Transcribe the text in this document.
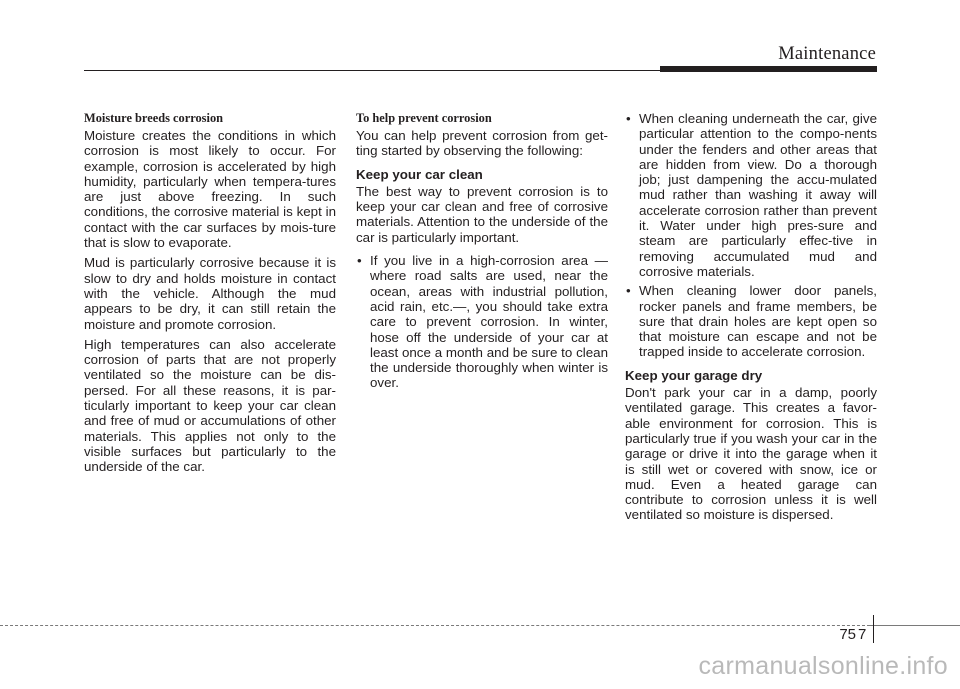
Maintenance
Moisture breeds corrosion

Moisture creates the conditions in which corrosion is most likely to occur. For example, corrosion is accelerated by high humidity, particularly when tempera-tures are just above freezing. In such conditions, the corrosive material is kept in contact with the car surfaces by mois-ture that is slow to evaporate.

Mud is particularly corrosive because it is slow to dry and holds moisture in contact with the vehicle. Although the mud appears to be dry, it can still retain the moisture and promote corrosion.

High temperatures can also accelerate corrosion of parts that are not properly ventilated so the moisture can be dis-persed. For all these reasons, it is par-ticularly important to keep your car clean and free of mud or accumulations of other materials. This applies not only to the visible surfaces but particularly to the underside of the car.

To help prevent corrosion

You can help prevent corrosion from get-ting started by observing the following:

Keep your car clean

The best way to prevent corrosion is to keep your car clean and free of corrosive materials. Attention to the underside of the car is particularly important.

• If you live in a high-corrosion area — where road salts are used, near the ocean, areas with industrial pollution, acid rain, etc.—, you should take extra care to prevent corrosion. In winter, hose off the underside of your car at least once a month and be sure to clean the underside thoroughly when winter is over.
• When cleaning underneath the car, give particular attention to the compo-nents under the fenders and other areas that are hidden from view. Do a thorough job; just dampening the accu-mulated mud rather than washing it away will accelerate corrosion rather than prevent it. Water under high pres-sure and steam are particularly effec-tive in removing accumulated mud and corrosive materials.
• When cleaning lower door panels, rocker panels and frame members, be sure that drain holes are kept open so that moisture can escape and not be trapped inside to accelerate corrosion.
Keep your garage dry

Don't park your car in a damp, poorly ventilated garage. This creates a favor-able environment for corrosion. This is particularly true if you wash your car in the garage or drive it into the garage when it is still wet or covered with snow, ice or mud. Even a heated garage can contribute to corrosion unless it is well ventilated so moisture is dispersed.

7
75
carmanualsonline.info
